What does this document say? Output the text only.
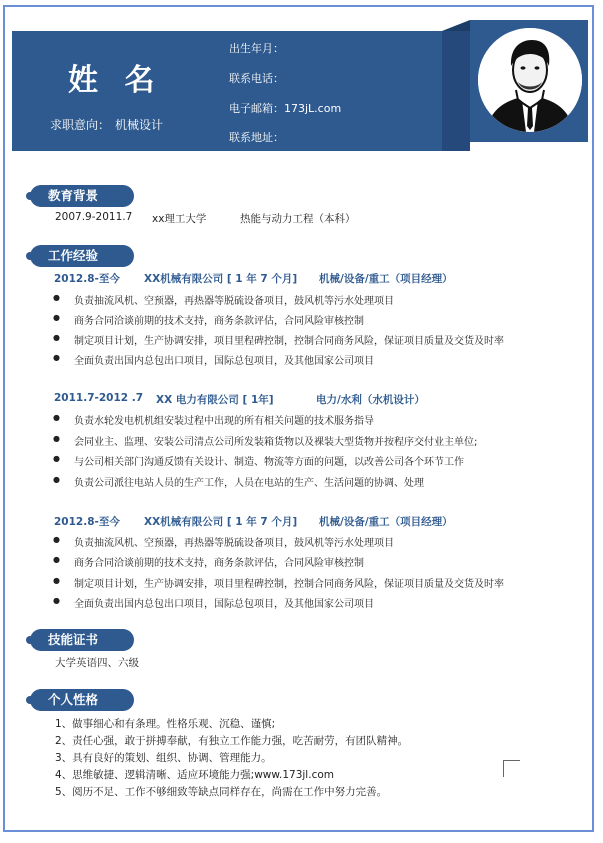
姓 名
求职意向： 机械设计
出生年月：
联系电话：
电子邮箱：173jL.com
联系地址：
教育背景
2007.9-2011.7 xx理工大学	热能与动力工程（本科）
工作经验
2012.8-至今 XX机械有限公司 [ 1 年 7 个月] 机械/设备/重工（项目经理）
● 负责抽流风机、空预器，再热器等脱硫设备项目，鼓风机等污水处理项目
● 商务合同洽谈前期的技术支持，商务条款评估，合同风险审核控制
● 制定项目计划，生产协调安排，项目里程碑控制，控制合同商务风险，保证项目质量及交货及时率
● 全面负责出国内总包出口项目，国际总包项目，及其他国家公司项目
2011.7-2012 .7 XX 电力有限公司 [ 1年]	电力/水利（水机设计）
● 负责水轮发电机机组安装过程中出现的所有相关问题的技术服务指导
● 会同业主、监理、安装公司清点公司所发装箱货物以及裸装大型货物并按程序交付业主单位;
● 与公司相关部门沟通反馈有关设计、制造、物流等方面的问题，以改善公司各个环节工作
● 负责公司派往电站人员的生产工作，人员在电站的生产、生活问题的协调、处理
2012.8-至今 XX机械有限公司 [ 1 年 7 个月] 机械/设备/重工（项目经理）
● 负责抽流风机、空预器，再热器等脱硫设备项目，鼓风机等污水处理项目
● 商务合同洽谈前期的技术支持，商务条款评估，合同风险审核控制
● 制定项目计划，生产协调安排，项目里程碑控制，控制合同商务风险，保证项目质量及交货及时率
● 全面负责出国内总包出口项目，国际总包项目，及其他国家公司项目
技能证书
大学英语四、六级
个人性格
1、做事细心和有条理。性格乐观、沉稳、谨慎;
2、责任心强，敢于拼搏奉献，有独立工作能力强，吃苦耐劳，有团队精神。
3、具有良好的策划、组织、协调、管理能力。
4、思维敏捷、逻辑清晰、适应环境能力强;www.173jl.com
5、阅历不足、工作不够细致等缺点同样存在，尚需在工作中努力完善。
